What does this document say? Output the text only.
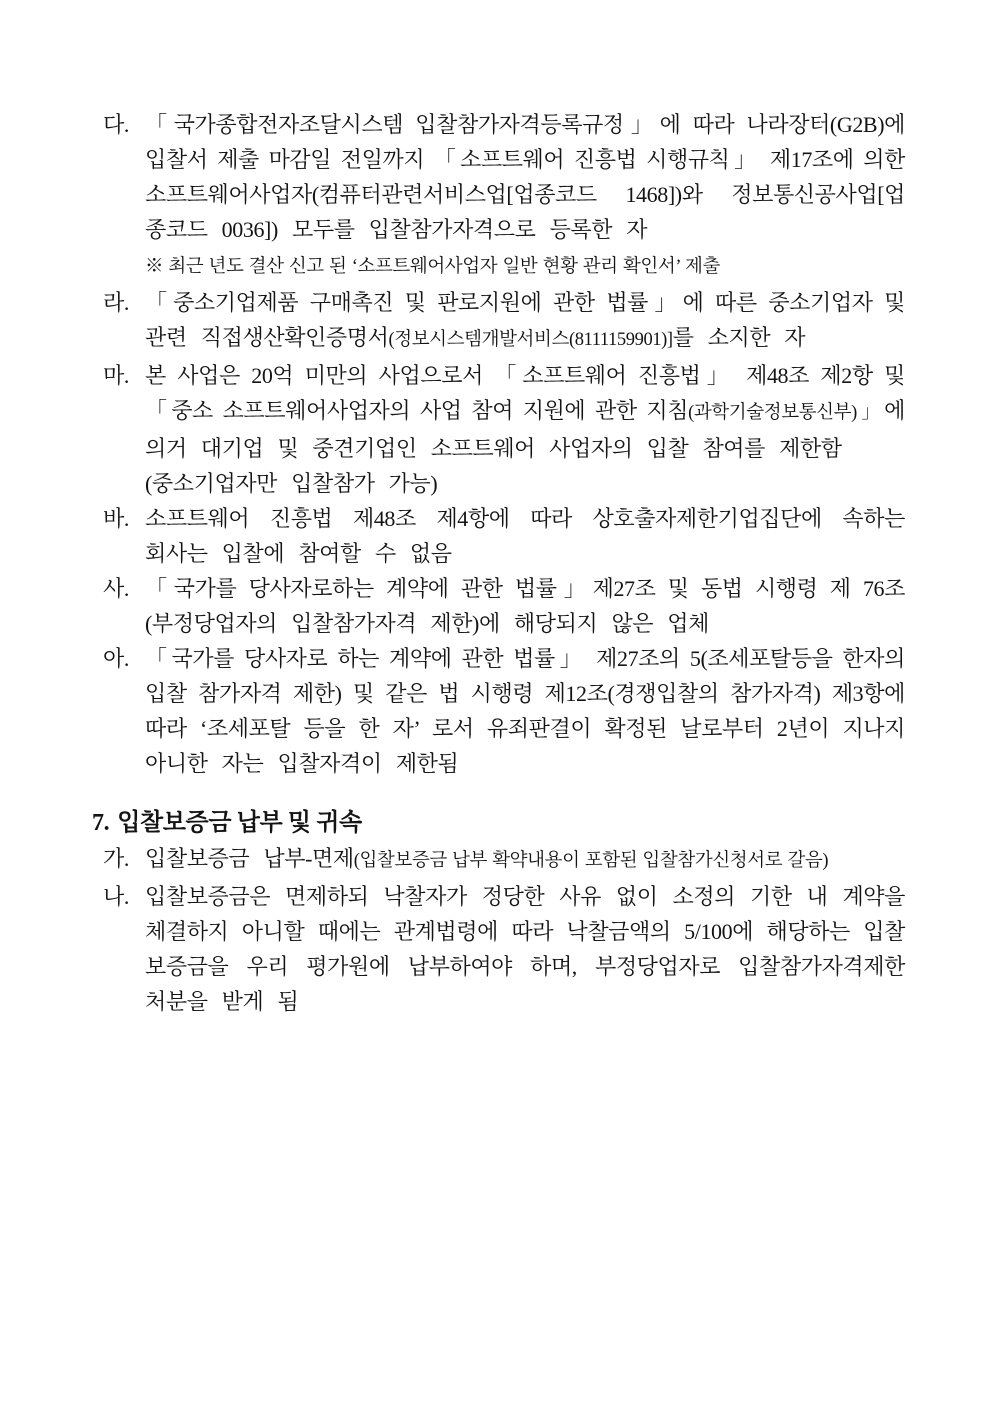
다. 「국가종합전자조달시스템 입찰참가자격등록규정」에 따라 나라장터(G2B)에
입찰서 제출 마감일 전일까지 「소프트웨어 진흥법 시행규칙」 제17조에 의한
소프트웨어사업자(컴퓨터관련서비스업[업종코드 1468])와 정보통신공사업[업
종코드 0036]) 모두를 입찰참가자격으로 등록한 자
※ 최근 년도 결산 신고 된 ‘소프트웨어사업자 일반 현황 관리 확인서’ 제출
라. 「중소기업제품 구매촉진 및 판로지원에 관한 법률」에 따른 중소기업자 및
관련 직접생산확인증명서(정보시스템개발서비스(8111159901)]를 소지한 자
마. 본 사업은 20억 미만의 사업으로서 「소프트웨어 진흥법」 제48조 제2항 및
「중소 소프트웨어사업자의 사업 참여 지원에 관한 지침(과학기술정보통신부)」에
의거 대기업 및 중견기업인 소프트웨어 사업자의 입찰 참여를 제한함
(중소기업자만 입찰참가 가능)
바. 소프트웨어 진흥법 제48조 제4항에 따라 상호출자제한기업집단에 속하는
회사는 입찰에 참여할 수 없음
사. 「국가를 당사자로하는 계약에 관한 법률」제27조 및 동법 시행령 제 76조
(부정당업자의 입찰참가자격 제한)에 해당되지 않은 업체
아. 「국가를 당사자로 하는 계약에 관한 법률」 제27조의 5(조세포탈등을 한자의
입찰 참가자격 제한) 및 같은 법 시행령 제12조(경쟁입찰의 참가자격) 제3항에
따라 ‘조세포탈 등을 한 자’ 로서 유죄판결이 확정된 날로부터 2년이 지나지
아니한 자는 입찰자격이 제한됨
7. 입찰보증금 납부 및 귀속
가. 입찰보증금 납부-면제(입찰보증금 납부 확약내용이 포함된 입찰참가신청서로 갈음)
나. 입찰보증금은 면제하되 낙찰자가 정당한 사유 없이 소정의 기한 내 계약을
체결하지 아니할 때에는 관계법령에 따라 낙찰금액의 5/100에 해당하는 입찰
보증금을 우리 평가원에 납부하여야 하며, 부정당업자로 입찰참가자격제한
처분을 받게 됨
